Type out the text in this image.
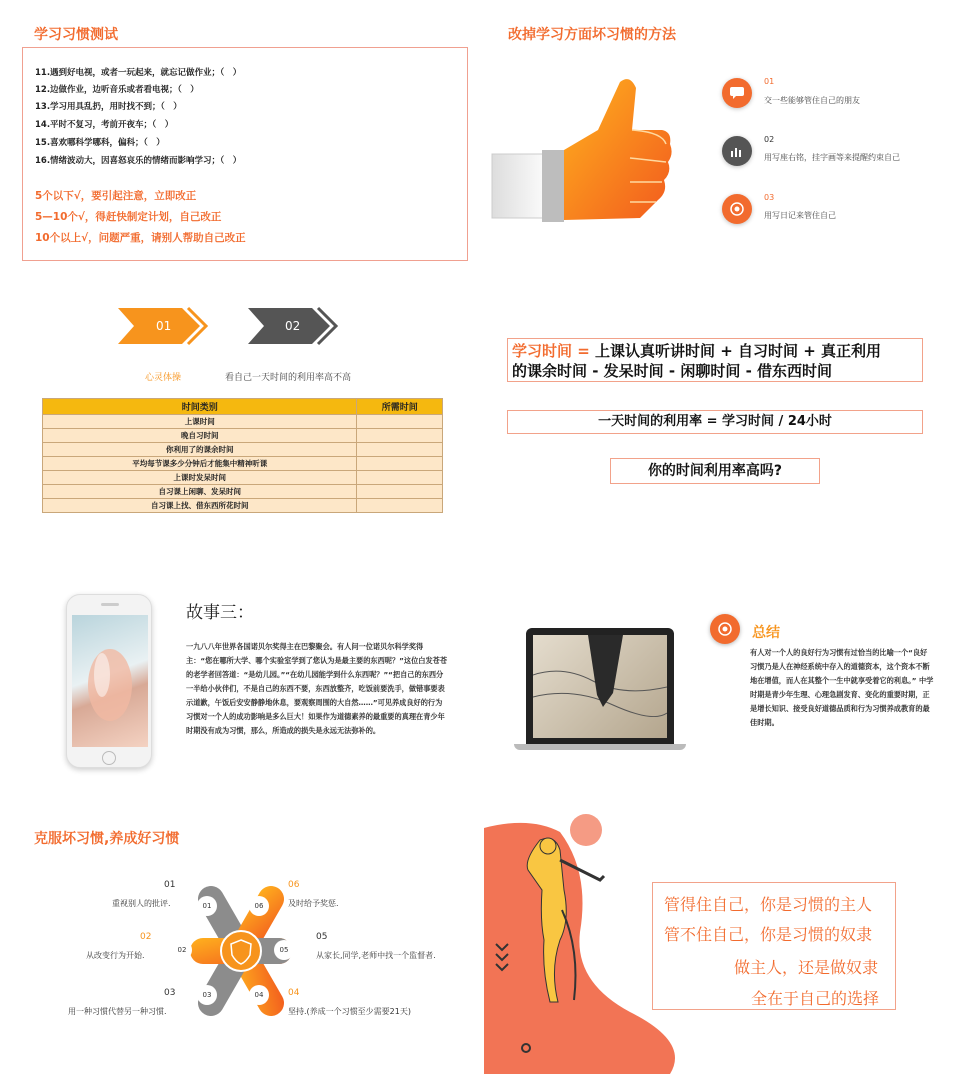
学习习惯测试
11.遇到好电视，或者一玩起来，就忘记做作业；（　）
12.边做作业，边听音乐或者看电视；（　）
13.学习用具乱扔，用时找不到；（　）
14.平时不复习，考前开夜车；（　）
15.喜欢哪科学哪科，偏科；（　）
16.情绪波动大，因喜怒哀乐的情绪而影响学习；（　）
5个以下√，要引起注意，立即改正
5—10个√，得赶快制定计划，自己改正
10个以上√，问题严重，请别人帮助自己改正
改掉学习方面坏习惯的方法
01
交一些能够管住自己的朋友
02
用写座右铭，挂字画等来提醒约束自己
03
用写日记来管住自己
01	02
心灵体操	看自己一天时间的利用率高不高
时间类别	所需时间
上课时间	
晚自习时间	
你利用了的课余时间	
平均每节课多少分钟后才能集中精神听课	
上课时发呆时间	
自习课上闲聊、发呆时间	
自习课上找、借东西所花时间	
学习时间 = 上课认真听讲时间 + 自习时间 + 真正利用
的课余时间 - 发呆时间 - 闲聊时间 - 借东西时间
一天时间的利用率 = 学习时间 / 24小时
你的时间利用率高吗?
故事三：
一九八八年世界各国诺贝尔奖得主在巴黎聚会。有人问一位诺贝尔科学奖得主：“您在哪所大学、哪个实验室学到了您认为是最主要的东西呢？”这位白发苍苍的老学者回答道：“是幼儿园。”“在幼儿园能学到什么东西呢？”“把自己的东西分一半给小伙伴们，不是自己的东西不要，东西放整齐，吃饭前要洗手，做错事要表示道歉，午饭后安安静静地休息，要观察周围的大自然……”可见养成良好的行为习惯对一个人的成功影响是多么巨大！如果作为道德素养的最重要的真理在青少年时期没有成为习惯，那么，所造成的损失是永远无法弥补的。
总结
有人对一个人的良好行为习惯有过恰当的比喻一个“良好习惯乃是人在神经系统中存入的道德资本，这个资本不断地在增值，而人在其整个一生中就享受着它的利息。” 中学时期是青少年生理、心理急剧发育、变化的重要时期，正是增长知识、接受良好道德品质和行为习惯养成教育的最佳时期。
克服坏习惯,养成好习惯
01
02
03	04
05
06
01
重视别人的批评.
02
从改变行为开始.
03
用一种习惯代替另一种习惯.
04
坚持.(养成一个习惯至少需要21天)
05
从家长,同学,老师中找一个监督者.
06
及时给予奖惩.	管得住自己，你是习惯的主人
管不住自己，你是习惯的奴隶
做主人，还是做奴隶
全在于自己的选择
